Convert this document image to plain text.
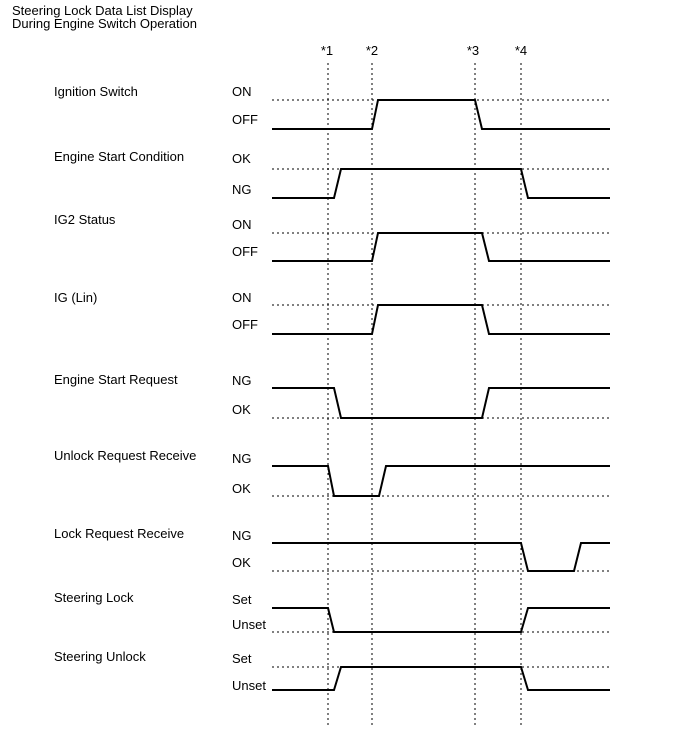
Steering Lock Data List Display
During Engine Switch Operation
*1	*2	*3	*4
Ignition Switch	ON
OFF
Engine Start Condition	OK
NG
IG2 Status	ON
OFF
IG (Lin)	ON
OFF
Engine Start Request	NG
OK
Unlock Request Receive	NG
OK
Lock Request Receive	NG
OK
Steering Lock	Set
Unset
Steering Unlock	Set
Unset
